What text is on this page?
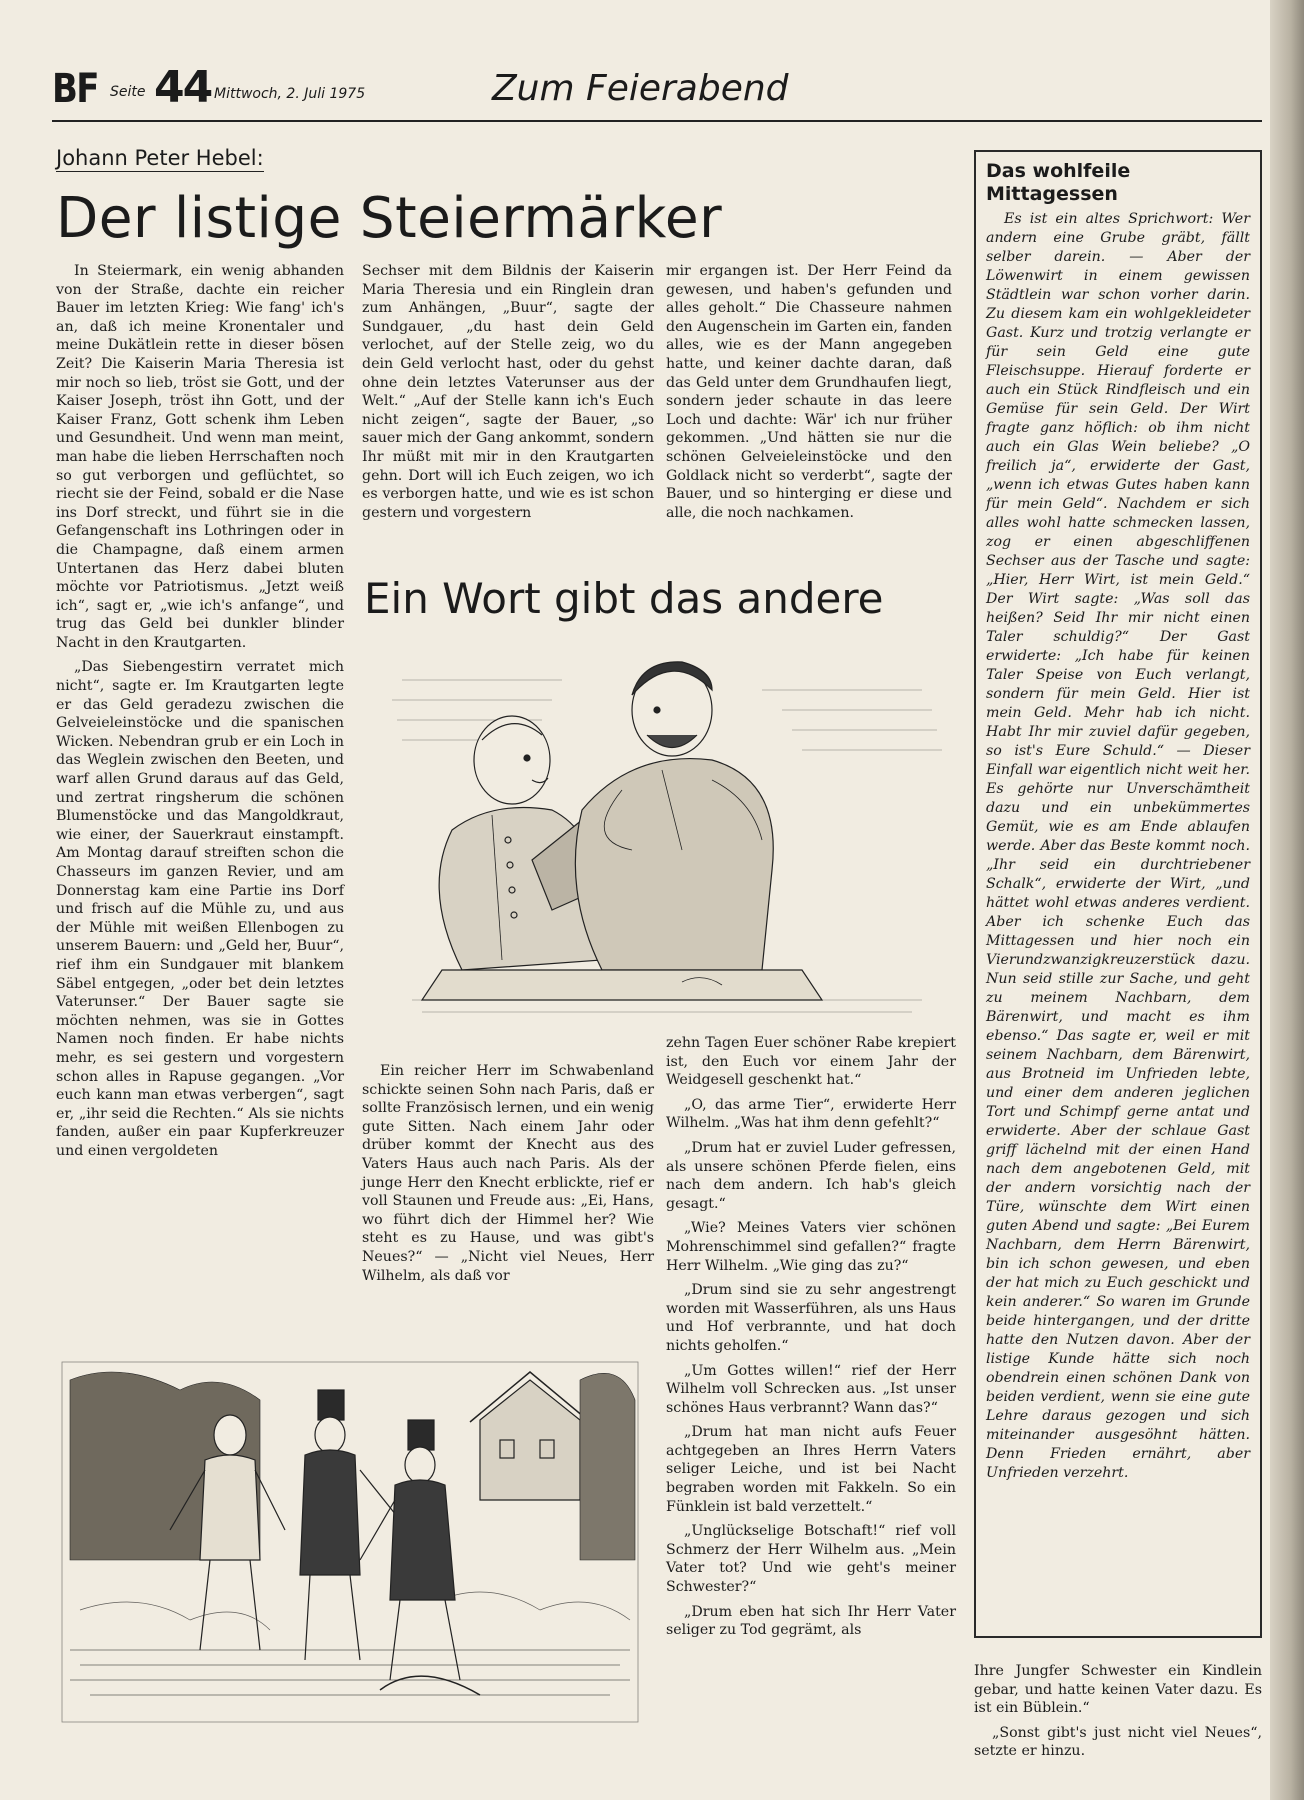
BF Seite 44 Mittwoch, 2. Juli 1975	Zum Feierabend
Johann Peter Hebel:
Der listige Steiermärker

In Steiermark, ein wenig abhanden von der Straße, dachte ein reicher Bauer im letzten Krieg: Wie fang' ich's an, daß ich meine Kronentaler und meine Dukätlein rette in dieser bösen Zeit? Die Kaiserin Maria Theresia ist mir noch so lieb, tröst sie Gott, und der Kaiser Joseph, tröst ihn Gott, und der Kaiser Franz, Gott schenk ihm Leben und Gesundheit. Und wenn man meint, man habe die lieben Herrschaften noch so gut verborgen und geflüchtet, so riecht sie der Feind, sobald er die Nase ins Dorf streckt, und führt sie in die Gefangenschaft ins Lothringen oder in die Champagne, daß einem armen Untertanen das Herz dabei bluten möchte vor Patriotismus. „Jetzt weiß ich“, sagt er, „wie ich's anfange“, und trug das Geld bei dunkler blinder Nacht in den Krautgarten.

„Das Siebengestirn verratet mich nicht“, sagte er. Im Krautgarten legte er das Geld geradezu zwischen die Gelveieleinstöcke und die spanischen Wicken. Nebendran grub er ein Loch in das Weglein zwischen den Beeten, und warf allen Grund daraus auf das Geld, und zertrat ringsherum die schönen Blumenstöcke und das Mangoldkraut, wie einer, der Sauerkraut einstampft. Am Montag darauf streiften schon die Chasseurs im ganzen Revier, und am Donnerstag kam eine Partie ins Dorf und frisch auf die Mühle zu, und aus der Mühle mit weißen Ellenbogen zu unserem Bauern: und „Geld her, Buur“, rief ihm ein Sundgauer mit blankem Säbel entgegen, „oder bet dein letztes Vaterunser.“ Der Bauer sagte sie möchten nehmen, was sie in Gottes Namen noch finden. Er habe nichts mehr, es sei gestern und vorgestern schon alles in Rapuse gegangen. „Vor euch kann man etwas verbergen“, sagt er, „ihr seid die Rechten.“ Als sie nichts fanden, außer ein paar Kupferkreuzer und einen vergoldeten

Sechser mit dem Bildnis der Kaiserin Maria Theresia und ein Ringlein dran zum Anhängen, „Buur“, sagte der Sundgauer, „du hast dein Geld verlochet, auf der Stelle zeig, wo du dein Geld verlocht hast, oder du gehst ohne dein letztes Vaterunser aus der Welt.“ „Auf der Stelle kann ich's Euch nicht zeigen“, sagte der Bauer, „so sauer mich der Gang ankommt, sondern Ihr müßt mit mir in den Krautgarten gehn. Dort will ich Euch zeigen, wo ich es verborgen hatte, und wie es ist schon gestern und vorgestern

mir ergangen ist. Der Herr Feind da gewesen, und haben's gefunden und alles geholt.“ Die Chasseure nahmen den Augenschein im Garten ein, fanden alles, wie es der Mann angegeben hatte, und keiner dachte daran, daß das Geld unter dem Grundhaufen liegt, sondern jeder schaute in das leere Loch und dachte: Wär' ich nur früher gekommen. „Und hätten sie nur die schönen Gelveieleinstöcke und den Goldlack nicht so verderbt“, sagte der Bauer, und so hinterging er diese und alle, die noch nachkamen.

Ein Wort gibt das andere

Ein reicher Herr im Schwabenland schickte seinen Sohn nach Paris, daß er sollte Französisch lernen, und ein wenig gute Sitten. Nach einem Jahr oder drüber kommt der Knecht aus des Vaters Haus auch nach Paris. Als der junge Herr den Knecht erblickte, rief er voll Staunen und Freude aus: „Ei, Hans, wo führt dich der Himmel her? Wie steht es zu Hause, und was gibt's Neues?“ — „Nicht viel Neues, Herr Wilhelm, als daß vor

zehn Tagen Euer schöner Rabe krepiert ist, den Euch vor einem Jahr der Weidgesell geschenkt hat.“

„O, das arme Tier“, erwiderte Herr Wilhelm. „Was hat ihm denn gefehlt?“

„Drum hat er zuviel Luder gefressen, als unsere schönen Pferde fielen, eins nach dem andern. Ich hab's gleich gesagt.“

„Wie? Meines Vaters vier schönen Mohrenschimmel sind gefallen?“ fragte Herr Wilhelm. „Wie ging das zu?“

„Drum sind sie zu sehr angestrengt worden mit Wasserführen, als uns Haus und Hof verbrannte, und hat doch nichts geholfen.“

„Um Gottes willen!“ rief der Herr Wilhelm voll Schrecken aus. „Ist unser schönes Haus verbrannt? Wann das?“

„Drum hat man nicht aufs Feuer achtgegeben an Ihres Herrn Vaters seliger Leiche, und ist bei Nacht begraben worden mit Fakkeln. So ein Fünklein ist bald verzettelt.“

„Unglückselige Botschaft!“ rief voll Schmerz der Herr Wilhelm aus. „Mein Vater tot? Und wie geht's meiner Schwester?“

„Drum eben hat sich Ihr Herr Vater seliger zu Tod gegrämt, als

Das wohlfeile Mittagessen
Es ist ein altes Sprichwort: Wer andern eine Grube gräbt, fällt selber darein. — Aber der Löwenwirt in einem gewissen Städtlein war schon vorher darin. Zu diesem kam ein wohlgekleideter Gast. Kurz und trotzig verlangte er für sein Geld eine gute Fleischsuppe. Hierauf forderte er auch ein Stück Rindfleisch und ein Gemüse für sein Geld. Der Wirt fragte ganz höflich: ob ihm nicht auch ein Glas Wein beliebe? „O freilich ja“, erwiderte der Gast, „wenn ich etwas Gutes haben kann für mein Geld“. Nachdem er sich alles wohl hatte schmecken lassen, zog er einen abgeschliffenen Sechser aus der Tasche und sagte: „Hier, Herr Wirt, ist mein Geld.“ Der Wirt sagte: „Was soll das heißen? Seid Ihr mir nicht einen Taler schuldig?“ Der Gast erwiderte: „Ich habe für keinen Taler Speise von Euch verlangt, sondern für mein Geld. Hier ist mein Geld. Mehr hab ich nicht. Habt Ihr mir zuviel dafür gegeben, so ist's Eure Schuld.“ — Dieser Einfall war eigentlich nicht weit her. Es gehörte nur Unverschämtheit dazu und ein unbekümmertes Gemüt, wie es am Ende ablaufen werde. Aber das Beste kommt noch. „Ihr seid ein durchtriebener Schalk“, erwiderte der Wirt, „und hättet wohl etwas anderes verdient. Aber ich schenke Euch das Mittagessen und hier noch ein Vierundzwanzigkreuzerstück dazu. Nun seid stille zur Sache, und geht zu meinem Nachbarn, dem Bärenwirt, und macht es ihm ebenso.“ Das sagte er, weil er mit seinem Nachbarn, dem Bärenwirt, aus Brotneid im Unfrieden lebte, und einer dem anderen jeglichen Tort und Schimpf gerne antat und erwiderte. Aber der schlaue Gast griff lächelnd mit der einen Hand nach dem angebotenen Geld, mit der andern vorsichtig nach der Türe, wünschte dem Wirt einen guten Abend und sagte: „Bei Eurem Nachbarn, dem Herrn Bärenwirt, bin ich schon gewesen, und eben der hat mich zu Euch geschickt und kein anderer.“ So waren im Grunde beide hintergangen, und der dritte hatte den Nutzen davon. Aber der listige Kunde hätte sich noch obendrein einen schönen Dank von beiden verdient, wenn sie eine gute Lehre daraus gezogen und sich miteinander ausgesöhnt hätten. Denn Frieden ernährt, aber Unfrieden verzehrt.

Ihre Jungfer Schwester ein Kindlein gebar, und hatte keinen Vater dazu. Es ist ein Büblein.“

„Sonst gibt's just nicht viel Neues“, setzte er hinzu.
